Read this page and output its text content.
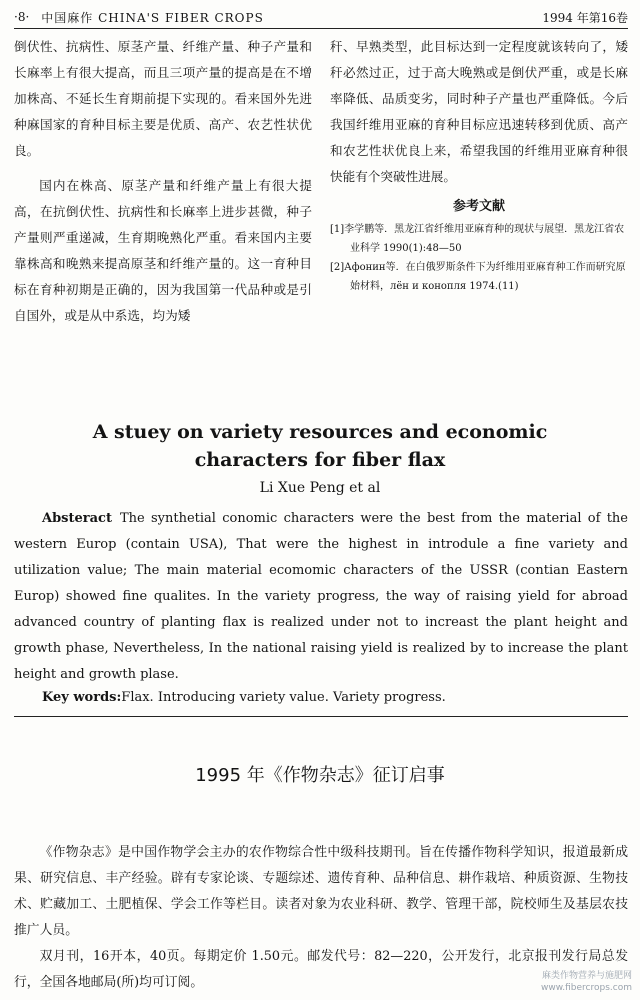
·8· 中国麻作 CHINA'S FIBER CROPS	1994 年第16卷

倒伏性、抗病性、原茎产量、纤维产量、种子产量和长麻率上有很大提高，而且三项产量的提高是在不增加株高、不延长生育期前提下实现的。看来国外先进种麻国家的育种目标主要是优质、高产、农艺性状优良。

国内在株高、原茎产量和纤维产量上有很大提高，在抗倒伏性、抗病性和长麻率上进步甚微，种子产量则严重递减，生育期晚熟化严重。看来国内主要靠株高和晚熟来提高原茎和纤维产量的。这一育种目标在育种初期是正确的，因为我国第一代品种或是引自国外，或是从中系选，均为矮

秆、早熟类型，此目标达到一定程度就该转向了，矮秆必然过正，过于高大晚熟或是倒伏严重，或是长麻率降低、品质变劣，同时种子产量也严重降低。今后我国纤维用亚麻的育种目标应迅速转移到优质、高产和农艺性状优良上来，希望我国的纤维用亚麻育种很快能有个突破性进展。

参考文献
[1]李学鹏等．黑龙江省纤维用亚麻育种的现状与展望．黑龙江省农业科学 1990(1):48—50
[2]Афонин等．在白俄罗斯条件下为纤维用亚麻育种工作而研究原始材料，лён и конопля 1974.(11)
A stuey on variety resources and economic
characters for fiber flax
Li Xue Peng et al
Absteract The synthetial conomic characters were the best from the material of the western Europ (contain USA), That were the highest in introdule a fine variety and utilization value; The main material ecomomic characters of the USSR (contian Eastern Europ) showed fine qualites. In the variety progress, the way of raising yield for abroad advanced country of planting flax is realized under not to increast the plant height and growth phase, Nevertheless, In the national raising yield is realized by to increase the plant height and growth plase.
Key words:Flax. Introducing variety value. Variety progress.
1995 年《作物杂志》征订启事

《作物杂志》是中国作物学会主办的农作物综合性中级科技期刊。旨在传播作物科学知识，报道最新成果、研究信息、丰产经验。辟有专家论谈、专题综述、遗传育种、品种信息、耕作栽培、种质资源、生物技术、贮藏加工、土肥植保、学会工作等栏目。读者对象为农业科研、教学、管理干部，院校师生及基层农技推广人员。

双月刊，16开本，40页。每期定价 1.50元。邮发代号：82—220，公开发行，北京报刊发行局总发行，全国各地邮局(所)均可订阅。	麻类作物营养与施肥网
www.fibercrops.com
